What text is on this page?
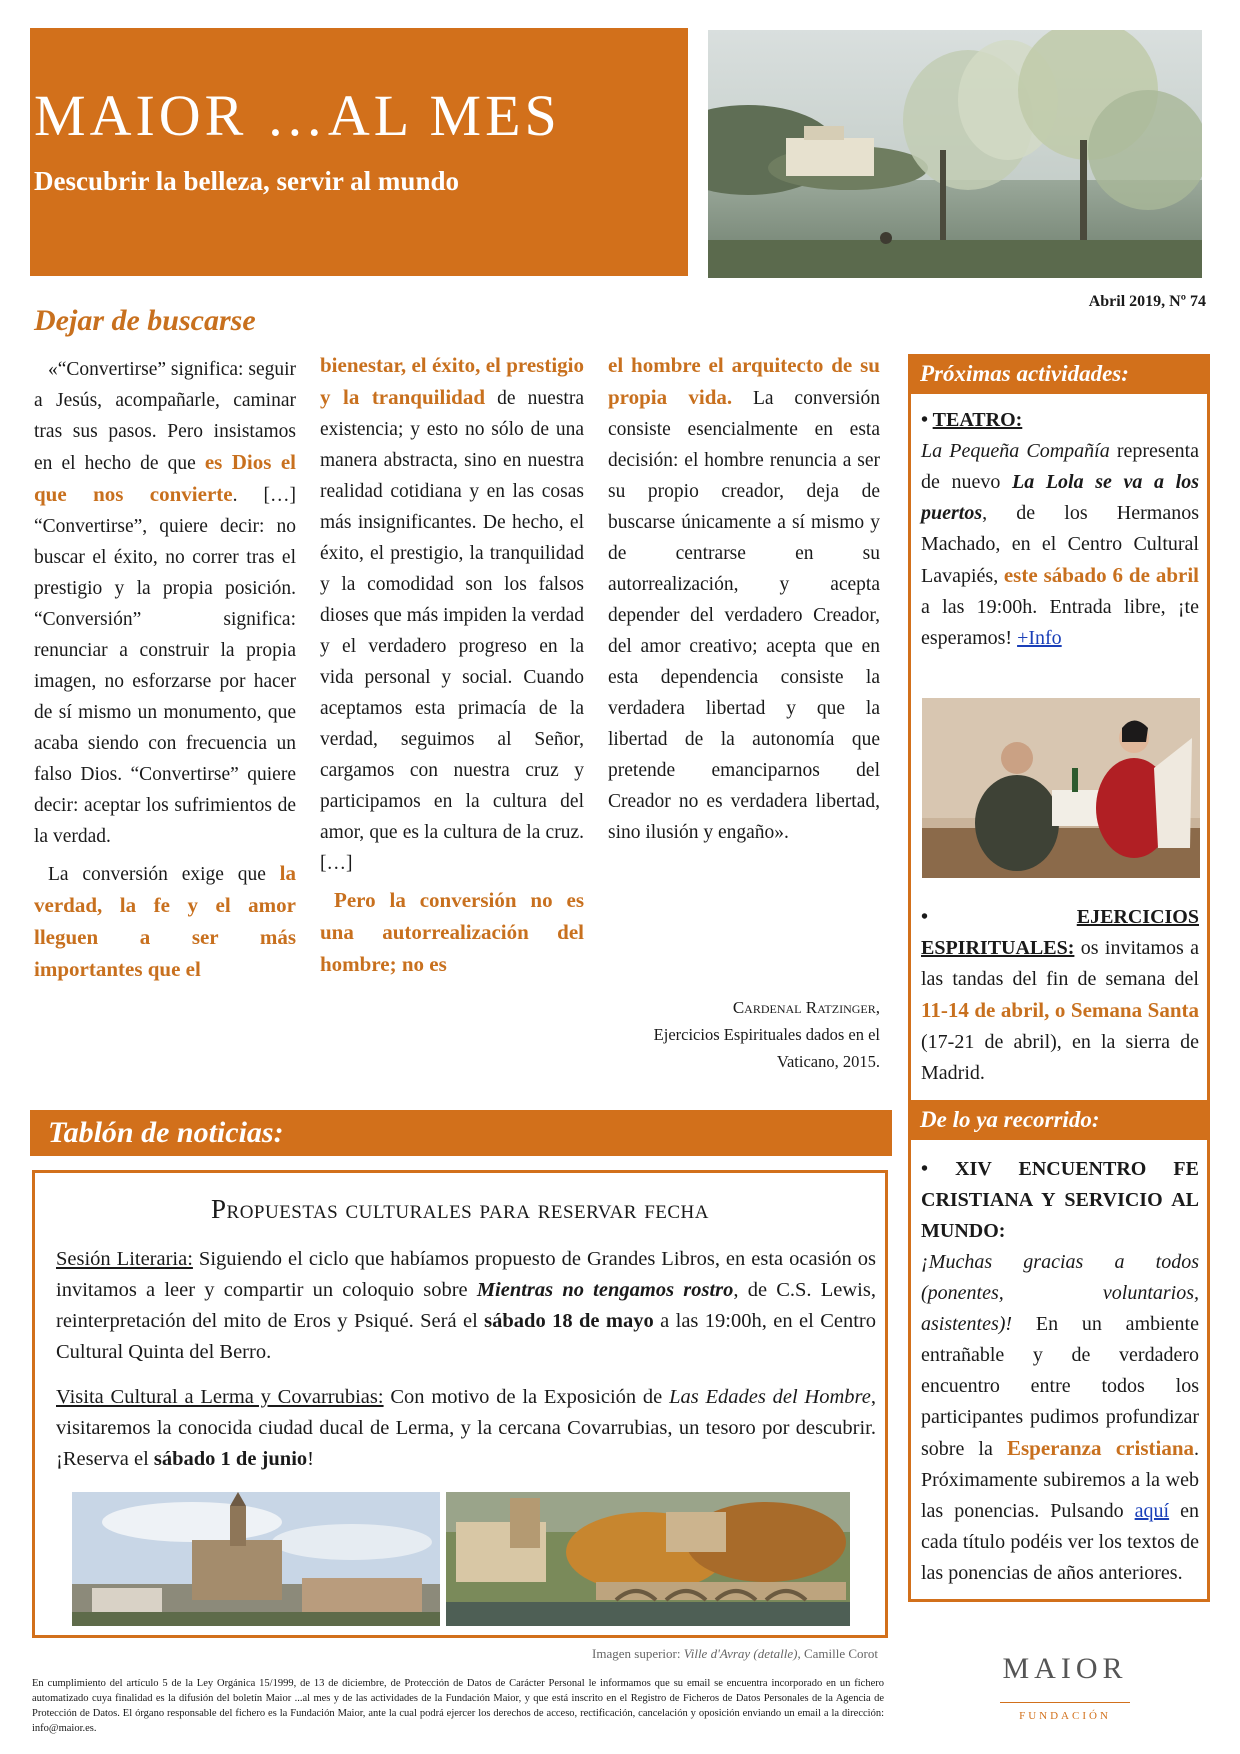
MAIOR …AL MES
Descubrir la belleza, servir al mundo
Abril 2019, Nº 74
Dejar de buscarse

«“Convertirse” significa: seguir a Jesús, acompañarle, caminar tras sus pasos. Pero insistamos en el hecho de que es Dios el que nos convierte. […] “Convertirse”, quiere decir: no buscar el éxito, no correr tras el prestigio y la propia posición. “Conversión” significa: renunciar a construir la propia imagen, no esforzarse por hacer de sí mismo un monumento, que acaba siendo con frecuencia un falso Dios. “Convertirse” quiere decir: aceptar los sufrimientos de la verdad.

La conversión exige que la verdad, la fe y el amor lleguen a ser más importantes que el

bienestar, el éxito, el prestigio y la tranquilidad de nuestra existencia; y esto no sólo de una manera abstracta, sino en nuestra realidad cotidiana y en las cosas más insignificantes. De hecho, el éxito, el prestigio, la tranquilidad y la comodidad son los falsos dioses que más impiden la verdad y el verdadero progreso en la vida personal y social. Cuando aceptamos esta primacía de la verdad, seguimos al Señor, cargamos con nuestra cruz y participamos en la cultura del amor, que es la cultura de la cruz. […]

Pero la conversión no es una autorrealización del hombre; no es

el hombre el arquitecto de su propia vida. La conversión consiste esencialmente en esta decisión: el hombre renuncia a ser su propio creador, deja de buscarse únicamente a sí mismo y de centrarse en su autorrealización, y acepta depender del verdadero Creador, del amor creativo; acepta que en esta dependencia consiste la verdadera libertad y que la libertad de la autonomía que pretende emanciparnos del Creador no es verdadera libertad, sino ilusión y engaño».

Cardenal Ratzinger,
Ejercicios Espirituales dados en el Vaticano, 2015.
Próximas actividades:

• TEATRO:

La Pequeña Compañía representa de nuevo La Lola se va a los puertos, de los Hermanos Machado, en el Centro Cultural Lavapiés, este sábado 6 de abril a las 19:00h. Entrada libre, ¡te esperamos! +Info

• EJERCICIOS ESPIRITUALES: os invitamos a las tandas del fin de semana del 11-14 de abril, o Semana Santa (17-21 de abril), en la sierra de Madrid.

De lo ya recorrido:

• XIV ENCUENTRO FE CRISTIANA Y SERVICIO AL MUNDO:

¡Muchas gracias a todos (ponentes, voluntarios, asistentes)! En un ambiente entrañable y de verdadero encuentro entre todos los participantes pudimos profundizar sobre la Esperanza cristiana. Próximamente subiremos a la web las ponencias. Pulsando aquí en cada título podéis ver los textos de las ponencias de años anteriores.

Tablón de noticias:
Propuestas culturales para reservar fecha

Sesión Literaria: Siguiendo el ciclo que habíamos propuesto de Grandes Libros, en esta ocasión os invitamos a leer y compartir un coloquio sobre Mientras no tengamos rostro, de C.S. Lewis, reinterpretación del mito de Eros y Psiqué. Será el sábado 18 de mayo a las 19:00h, en el Centro Cultural Quinta del Berro.

Visita Cultural a Lerma y Covarrubias: Con motivo de la Exposición de Las Edades del Hombre, visitaremos la conocida ciudad ducal de Lerma, y la cercana Covarrubias, un tesoro por descubrir. ¡Reserva el sábado 1 de junio!

Imagen superior: Ville d'Avray (detalle), Camille Corot
En cumplimiento del artículo 5 de la Ley Orgánica 15/1999, de 13 de diciembre, de Protección de Datos de Carácter Personal le informamos que su email se encuentra incorporado en un fichero automatizado cuya finalidad es la difusión del boletín Maior ...al mes y de las actividades de la Fundación Maior, y que está inscrito en el Registro de Ficheros de Datos Personales de la Agencia de Protección de Datos. El órgano responsable del fichero es la Fundación Maior, ante la cual podrá ejercer los derechos de acceso, rectificación, cancelación y oposición enviando un email a la dirección: info@maior.es.
MAIOR
FUNDACIÓN
